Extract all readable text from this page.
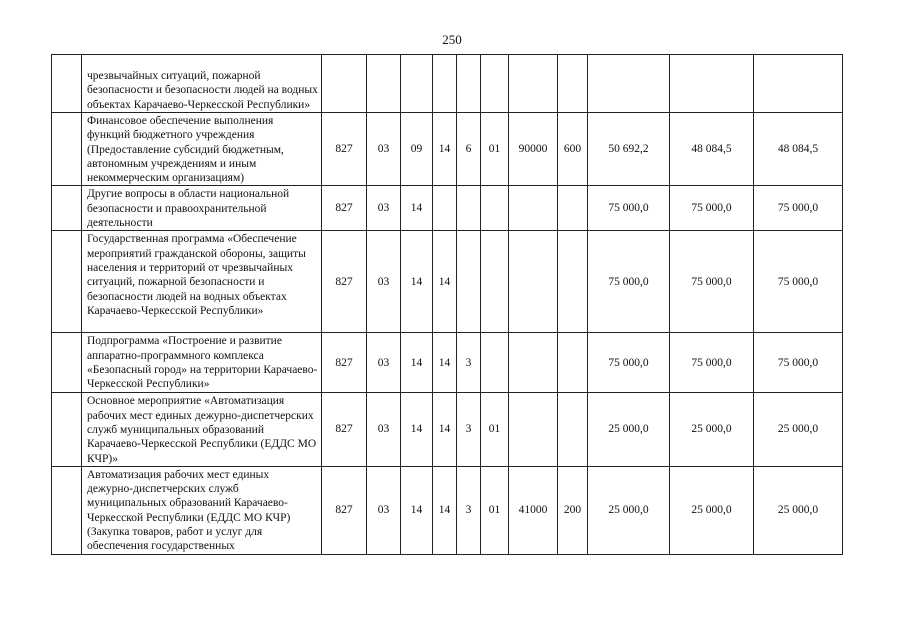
250
	чрезвычайных ситуаций, пожарной безопасности и безопасности людей на водных объектах Карачаево-Черкесской Республики»											
	Финансовое обеспечение выполнения функций бюджетного учреждения (Предоставление субсидий бюджетным, автономным учреждениям и иным некоммерческим организациям)	827	03	09	14	6	01	90000	600	50 692,2	48 084,5	48 084,5
	Другие вопросы в области национальной безопасности и правоохранительной деятельности	827	03	14						75 000,0	75 000,0	75 000,0
	Государственная программа «Обеспечение мероприятий гражданской обороны, защиты населения и территорий от чрезвычайных ситуаций, пожарной безопасности и безопасности людей на водных объектах Карачаево-Черкесской Республики»	827	03	14	14					75 000,0	75 000,0	75 000,0
	Подпрограмма «Построение и развитие аппаратно-программного комплекса «Безопасный город» на территории Карачаево-Черкесской Республики»	827	03	14	14	3				75 000,0	75 000,0	75 000,0
	Основное мероприятие «Автоматизация рабочих мест единых дежурно-диспетчерских служб муниципальных образований Карачаево-Черкесской Республики (ЕДДС МО КЧР)»	827	03	14	14	3	01			25 000,0	25 000,0	25 000,0
	Автоматизация рабочих мест единых дежурно-диспетчерских служб муниципальных образований Карачаево-Черкесской Республики (ЕДДС МО КЧР) (Закупка товаров, работ и услуг для обеспечения государственных	827	03	14	14	3	01	41000	200	25 000,0	25 000,0	25 000,0
